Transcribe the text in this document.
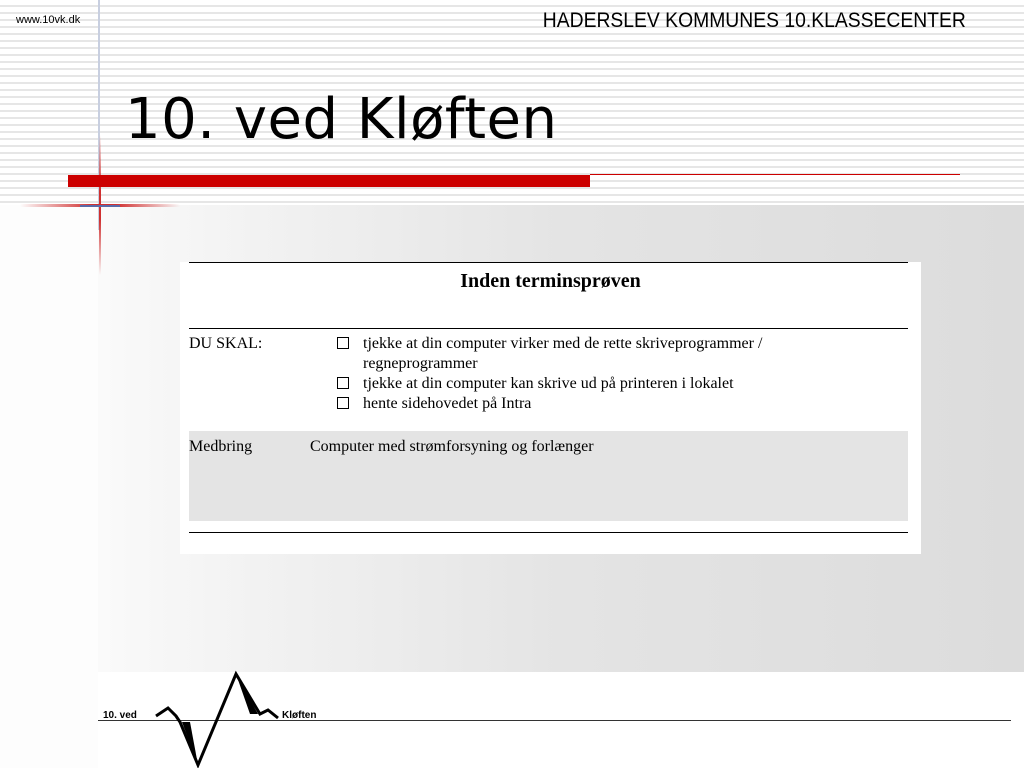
www.10vk.dk	HADERSLEV KOMMUNES 10.KLASSECENTER
10. ved Kløften
Inden terminsprøven
DU SKAL:	tjekke at din computer virker med de rette skriveprogrammer /
regneprogrammer
tjekke at din computer kan skrive ud på printeren i lokalet
hente sidehovedet på Intra
Medbring	Computer med strømforsyning og forlænger
10. ved	Kløften
